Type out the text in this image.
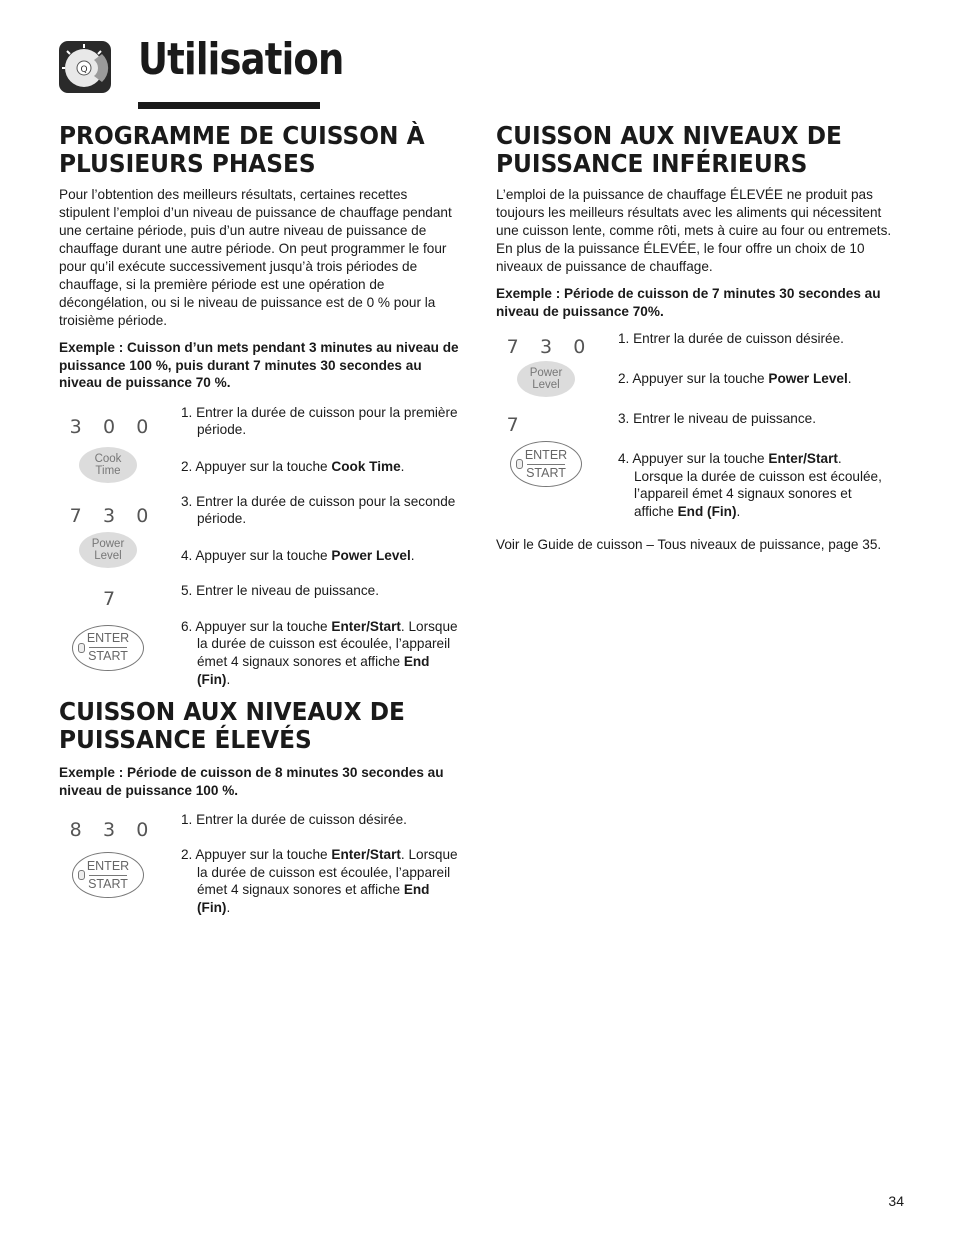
Q Utilisation
PROGRAMME DE CUISSON À
PLUSIEURS PHASES

Pour l’obtention des meilleurs résultats, certaines recettes stipulent l’emploi d’un niveau de puissance de chauffage pendant une certaine période, puis d’un autre niveau de puissance de chauffage durant une autre période. On peut programmer le four pour qu’il exécute successivement jusqu’à trois périodes de chauffage, si la première période est une opération de décongélation, ou si le niveau de puissance est de 0 % pour la troisième période.

Exemple : Cuisson d’un mets pendant 3 minutes au niveau de puissance 100 %, puis durant 7 minutes 30 secondes au niveau de puissance 70 %.

3	0	0
1. Entrer la durée de cuisson pour la première période.
Cook
Time	2. Appuyer sur la touche Cook Time.
7	3	0
3. Entrer la durée de cuisson pour la seconde période.
Power
Level	4. Appuyer sur la touche Power Level.
7	5. Entrer le niveau de puissance.
ENTER
START
6. Appuyer sur la touche Enter/Start. Lorsque la durée de cuisson est écoulée, l’appareil émet 4 signaux sonores et affiche End (Fin).
CUISSON AUX NIVEAUX DE
PUISSANCE ÉLEVÉS

Exemple : Période de cuisson de 8 minutes 30 secondes au niveau de puissance 100 %.

8	3	0	1. Entrer la durée de cuisson désirée.
ENTER
START
2. Appuyer sur la touche Enter/Start. Lorsque la durée de cuisson est écoulée, l’appareil émet 4 signaux sonores et affiche End (Fin).
CUISSON AUX NIVEAUX DE
PUISSANCE INFÉRIEURS

L’emploi de la puissance de chauffage ÉLEVÉE ne produit pas toujours les meilleurs résultats avec les aliments qui nécessitent une cuisson lente, comme rôti, mets à cuire au four ou entremets. En plus de la puissance ÉLEVÉE, le four offre un choix de 10 niveaux de puissance de chauffage.

Exemple : Période de cuisson de 7 minutes 30 secondes au niveau de puissance 70%.

7	3	0	1. Entrer la durée de cuisson désirée.
Power
Level	2. Appuyer sur la touche Power Level.
7	3. Entrer le niveau de puissance.
ENTER
START
4. Appuyer sur la touche Enter/Start. Lorsque la durée de cuisson est écoulée, l’appareil émet 4 signaux sonores et affiche End (Fin).

Voir le Guide de cuisson – Tous niveaux de puissance, page 35.

34
